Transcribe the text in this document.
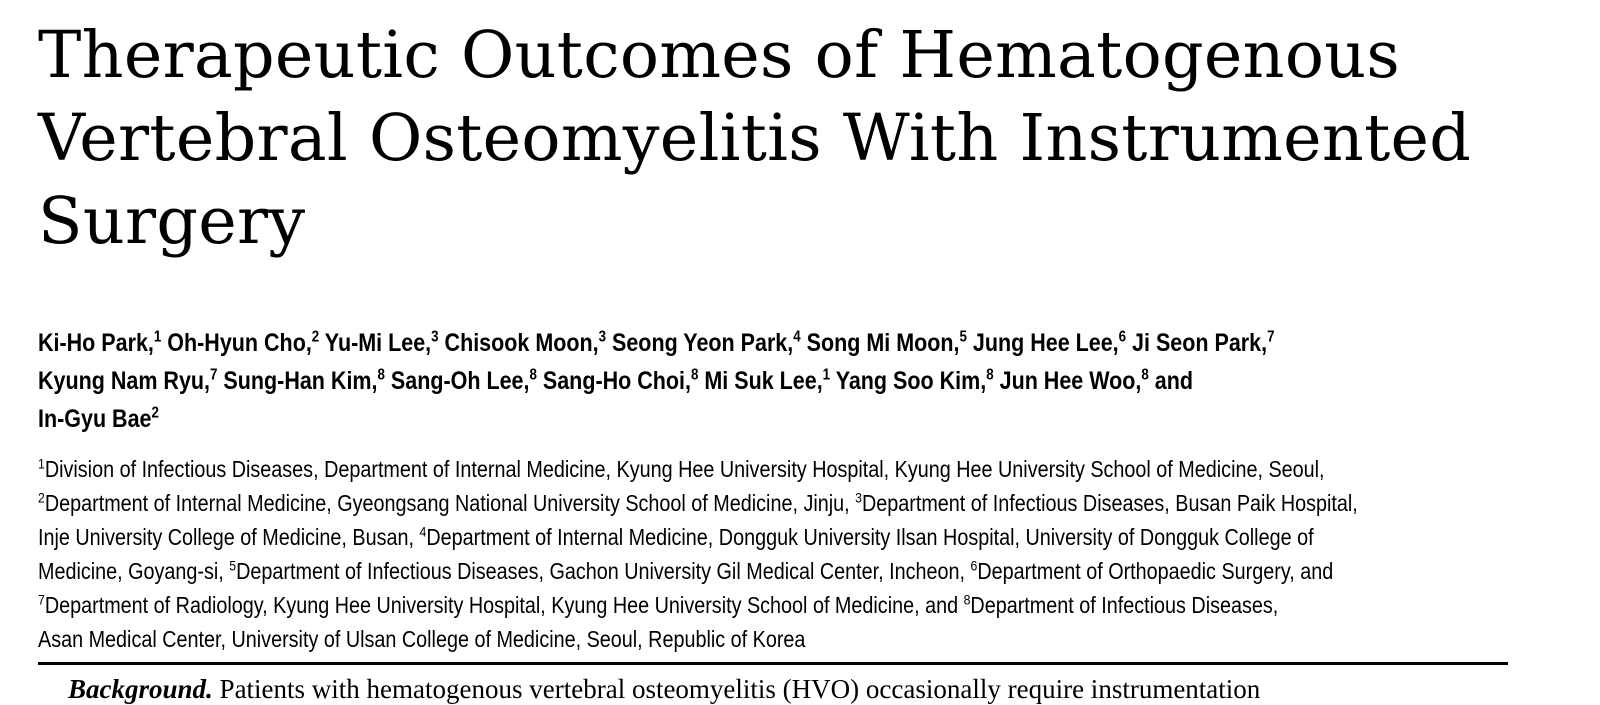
Therapeutic Outcomes of Hematogenous
Vertebral Osteomyelitis With Instrumented
Surgery
Ki-Ho Park,$^1$ Oh-Hyun Cho,$^2$ Yu-Mi Lee,$^3$ Chisook Moon,$^3$ Seong Yeon Park,$^4$ Song Mi Moon,$^5$ Jung Hee Lee,$^6$ Ji Seon Park,$^7$
Kyung Nam Ryu,$^7$ Sung-Han Kim,$^8$ Sang-Oh Lee,$^8$ Sang-Ho Choi,$^8$ Mi Suk Lee,$^1$ Yang Soo Kim,$^8$ Jun Hee Woo,$^8$ and
In-Gyu Bae$^2$
$^1$Division of Infectious Diseases, Department of Internal Medicine, Kyung Hee University Hospital, Kyung Hee University School of Medicine, Seoul,
$^2$Department of Internal Medicine, Gyeongsang National University School of Medicine, Jinju, $^3$Department of Infectious Diseases, Busan Paik Hospital,
Inje University College of Medicine, Busan, $^4$Department of Internal Medicine, Dongguk University Ilsan Hospital, University of Dongguk College of
Medicine, Goyang-si, $^5$Department of Infectious Diseases, Gachon University Gil Medical Center, Incheon, $^6$Department of Orthopaedic Surgery, and
$^7$Department of Radiology, Kyung Hee University Hospital, Kyung Hee University School of Medicine, and $^8$Department of Infectious Diseases,
Asan Medical Center, University of Ulsan College of Medicine, Seoul, Republic of Korea
Background. Patients with hematogenous vertebral osteomyelitis (HVO) occasionally require instrumentation
